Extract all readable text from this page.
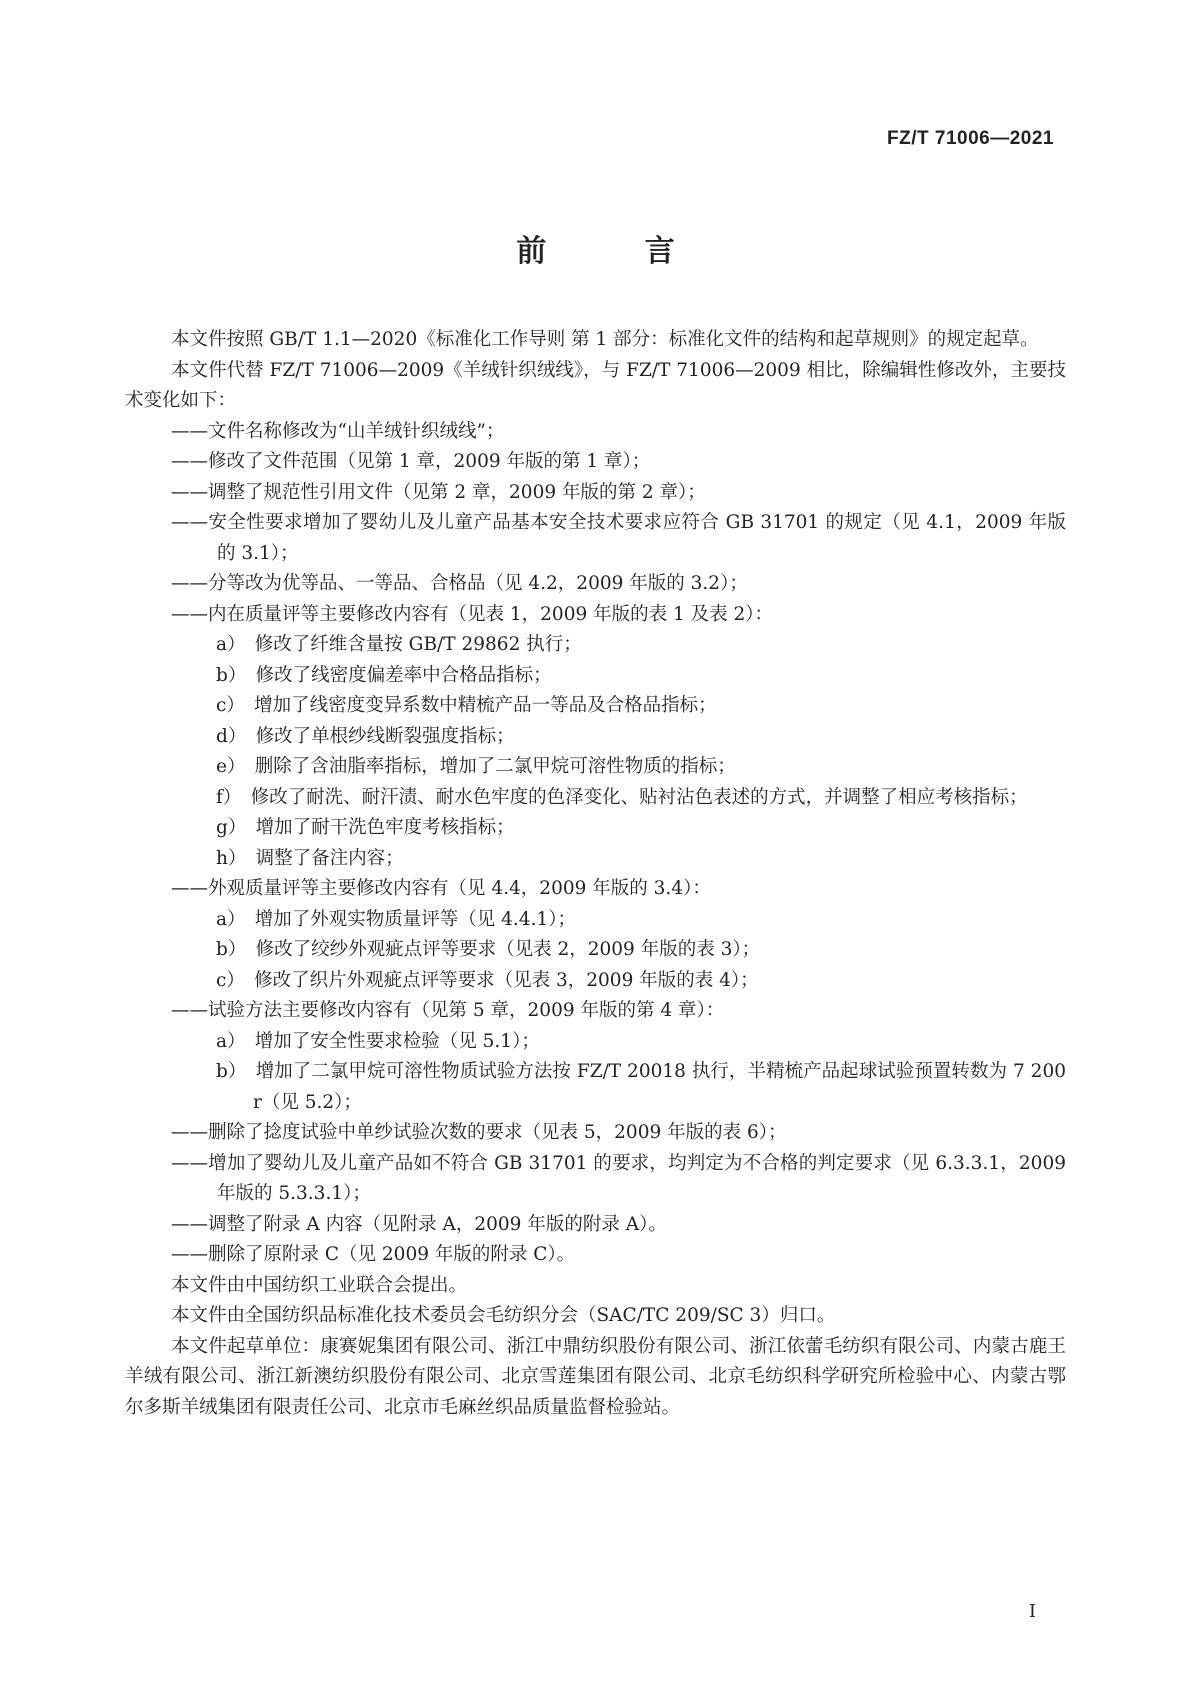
FZ/T 71006—2021
前 言

本文件按照 GB/T 1.1—2020《标准化工作导则 第 1 部分：标准化文件的结构和起草规则》的规定起草。

本文件代替 FZ/T 71006—2009《羊绒针织绒线》，与 FZ/T 71006—2009 相比，除编辑性修改外，主要技术变化如下：

——文件名称修改为“山羊绒针织绒线”；

——修改了文件范围（见第 1 章，2009 年版的第 1 章）；

——调整了规范性引用文件（见第 2 章，2009 年版的第 2 章）；

——安全性要求增加了婴幼儿及儿童产品基本安全技术要求应符合 GB 31701 的规定（见 4.1，2009 年版的 3.1）；

——分等改为优等品、一等品、合格品（见 4.2，2009 年版的 3.2）；

——内在质量评等主要修改内容有（见表 1，2009 年版的表 1 及表 2）：

a）　修改了纤维含量按 GB/T 29862 执行；

b）　修改了线密度偏差率中合格品指标；

c）　增加了线密度变异系数中精梳产品一等品及合格品指标；

d）　修改了单根纱线断裂强度指标；

e）　删除了含油脂率指标，增加了二氯甲烷可溶性物质的指标；

f）　修改了耐洗、耐汗渍、耐水色牢度的色泽变化、贴衬沾色表述的方式，并调整了相应考核指标；

g）　增加了耐干洗色牢度考核指标；

h）　调整了备注内容；

——外观质量评等主要修改内容有（见 4.4，2009 年版的 3.4）：

a）　增加了外观实物质量评等（见 4.4.1）；

b）　修改了绞纱外观疵点评等要求（见表 2，2009 年版的表 3）；

c）　修改了织片外观疵点评等要求（见表 3，2009 年版的表 4）；

——试验方法主要修改内容有（见第 5 章，2009 年版的第 4 章）：

a）　增加了安全性要求检验（见 5.1）；

b）　增加了二氯甲烷可溶性物质试验方法按 FZ/T 20018 执行，半精梳产品起球试验预置转数为 7 200 r（见 5.2）；

——删除了捻度试验中单纱试验次数的要求（见表 5，2009 年版的表 6）；

——增加了婴幼儿及儿童产品如不符合 GB 31701 的要求，均判定为不合格的判定要求（见 6.3.3.1，2009 年版的 5.3.3.1）；

——调整了附录 A 内容（见附录 A，2009 年版的附录 A）。

——删除了原附录 C（见 2009 年版的附录 C）。

本文件由中国纺织工业联合会提出。

本文件由全国纺织品标准化技术委员会毛纺织分会（SAC/TC 209/SC 3）归口。

本文件起草单位：康赛妮集团有限公司、浙江中鼎纺织股份有限公司、浙江依蕾毛纺织有限公司、内蒙古鹿王羊绒有限公司、浙江新澳纺织股份有限公司、北京雪莲集团有限公司、北京毛纺织科学研究所检验中心、内蒙古鄂尔多斯羊绒集团有限责任公司、北京市毛麻丝织品质量监督检验站。

I
